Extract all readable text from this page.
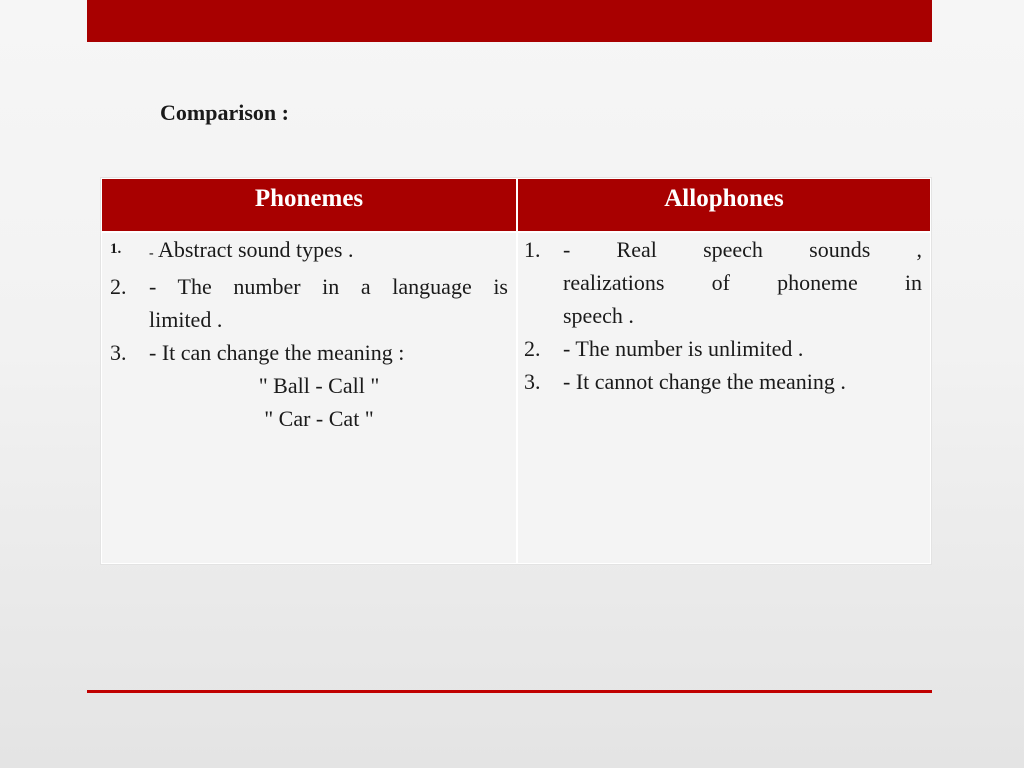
Comparison :
Phonemes	Allophones
1. - Abstract sound types .
2. - The number in a language is
limited .
3. - It can change the meaning :
" Ball - Call "
" Car - Cat "
1. - Real speech sounds ,
realizations of phoneme in
speech .
2. - The number is unlimited .
3. - It cannot change the meaning .
